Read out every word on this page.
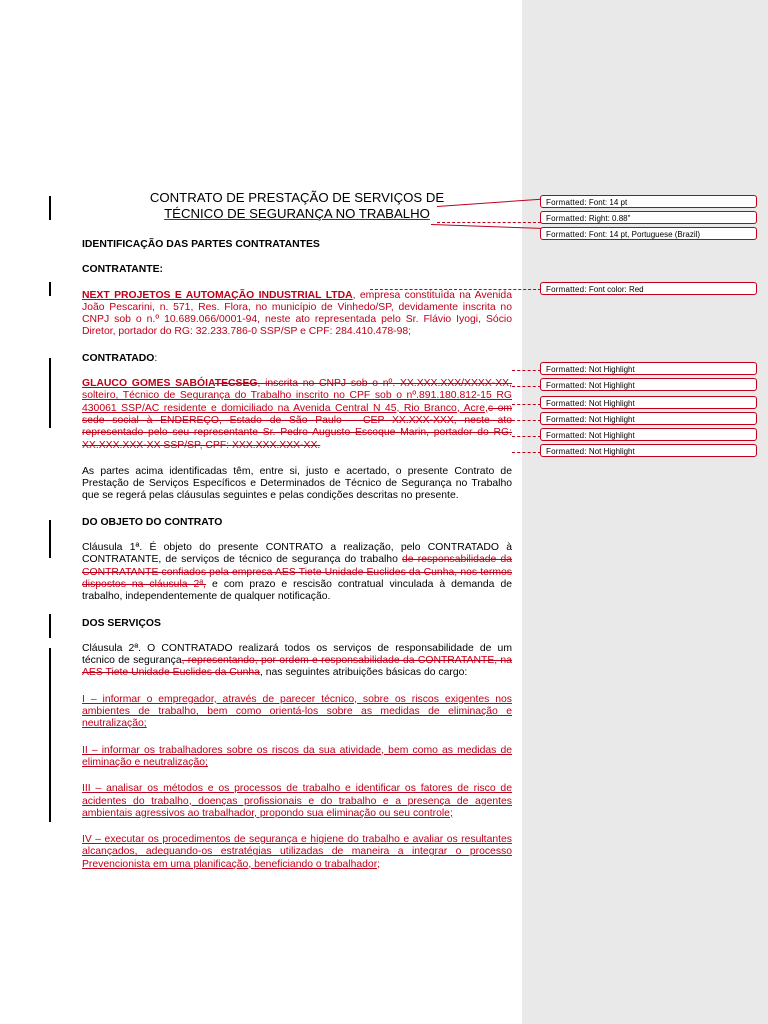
CONTRATO DE PRESTAÇÃO DE SERVIÇOS DE
TÉCNICO DE SEGURANÇA NO TRABALHO
IDENTIFICAÇÃO DAS PARTES CONTRATANTES
CONTRATANTE:

NEXT PROJETOS E AUTOMAÇÃO INDUSTRIAL LTDA, empresa constituída na Avenida João Pescarini, n. 571, Res. Flora, no município de Vinhedo/SP, devidamente inscrita no CNPJ sob o n.º 10.689.066/0001-94, neste ato representada pelo Sr. Flávio Iyogi, Sócio Diretor, portador do RG: 32.233.786-0 SSP/SP e CPF: 284.410.478-98;

CONTRATADO:

GLAUCO GOMES SABÓIATECSEG, inscrita no CNPJ sob o nº. XX.XXX.XXX/XXXX-XX, solteiro, Técnico de Segurança do Trabalho inscrito no CPF sob o nº.891.180.812-15 RG 430061 SSP/AC residente e domiciliado na Avenida Central N 45, Rio Branco, Acre,c om sede social à ENDEREÇO, Estado de São Paulo – CEP XX.XXX-XXX, neste ato representado pelo seu representante Sr. Pedro Augusto Escoque Marin, portador do RG: XX.XXX.XXX-XX SSP/SP, CPF: XXX.XXX.XXX-XX.

As partes acima identificadas têm, entre si, justo e acertado, o presente Contrato de Prestação de Serviços Específicos e Determinados de Técnico de Segurança no Trabalho que se regerá pelas cláusulas seguintes e pelas condições descritas no presente.

DO OBJETO DO CONTRATO

Cláusula 1ª. É objeto do presente CONTRATO a realização, pelo CONTRATADO à CONTRATANTE, de serviços de técnico de segurança do trabalho de responsabilidade da CONTRATANTE confiados pela empresa AES Tiete Unidade Euclides da Cunha, nos termos dispostos na cláusula 2ª, e com prazo e rescisão contratual vinculada à demanda de trabalho, independentemente de qualquer notificação.

DOS SERVIÇOS

Cláusula 2ª. O CONTRATADO realizará todos os serviços de responsabilidade de um técnico de segurança, representando, por ordem e responsabilidade da CONTRATANTE, na AES Tiete Unidade Euclides da Cunha, nas seguintes atribuições básicas do cargo:

I – informar o empregador, através de parecer técnico, sobre os riscos exigentes nos ambientes de trabalho, bem como orientá-los sobre as medidas de eliminação e neutralização;

II – informar os trabalhadores sobre os riscos da sua atividade, bem como as medidas de eliminação e neutralização;

III – analisar os métodos e os processos de trabalho e identificar os fatores de risco de acidentes do trabalho, doenças profissionais e do trabalho e a presença de agentes ambientais agressivos ao trabalhador, propondo sua eliminação ou seu controle;

IV – executar os procedimentos de segurança e higiene do trabalho e avaliar os resultantes alcançados, adequando-os estratégias utilizadas de maneira a integrar o processo Prevencionista em uma planificação, beneficiando o trabalhador;

Formatted: Font: 14 pt
Formatted: Right: 0.88"
Formatted: Font: 14 pt, Portuguese (Brazil)
Formatted: Font color: Red
Formatted: Not Highlight
Formatted: Not Highlight
Formatted: Not Highlight
Formatted: Not Highlight
Formatted: Not Highlight
Formatted: Not Highlight
